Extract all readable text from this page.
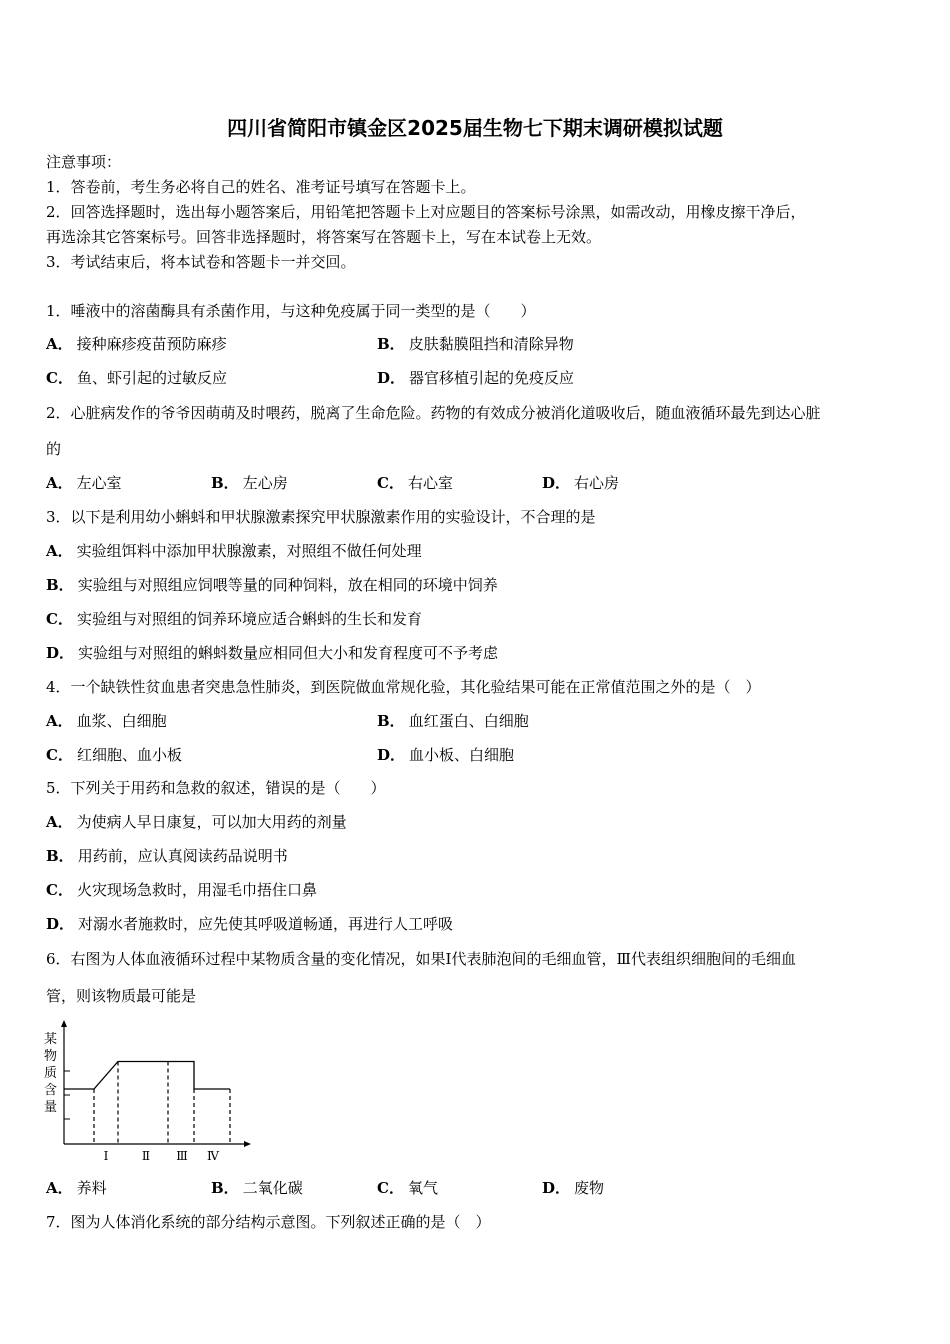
四川省简阳市镇金区2025届生物七下期末调研模拟试题
注意事项：
1．答卷前，考生务必将自己的姓名、准考证号填写在答题卡上。
2．回答选择题时，选出每小题答案后，用铅笔把答题卡上对应题目的答案标号涂黑，如需改动，用橡皮擦干净后，
再选涂其它答案标号。回答非选择题时，将答案写在答题卡上，写在本试卷上无效。
3．考试结束后，将本试卷和答题卡一并交回。
1．唾液中的溶菌酶具有杀菌作用，与这种免疫属于同一类型的是（　　）
A． 接种麻疹疫苗预防麻疹	B． 皮肤黏膜阻挡和清除异物
C． 鱼、虾引起的过敏反应	D． 器官移植引起的免疫反应
2．心脏病发作的爷爷因萌萌及时喂药，脱离了生命危险。药物的有效成分被消化道吸收后，随血液循环最先到达心脏
的
A． 左心室	B． 左心房	C． 右心室	D． 右心房
3．以下是利用幼小蝌蚪和甲状腺激素探究甲状腺激素作用的实验设计，不合理的是
A． 实验组饵料中添加甲状腺激素，对照组不做任何处理
B． 实验组与对照组应饲喂等量的同种饲料，放在相同的环境中饲养
C． 实验组与对照组的饲养环境应适合蝌蚪的生长和发育
D． 实验组与对照组的蝌蚪数量应相同但大小和发育程度可不予考虑
4．一个缺铁性贫血患者突患急性肺炎，到医院做血常规化验，其化验结果可能在正常值范围之外的是（　）
A． 血浆、白细胞	B． 血红蛋白、白细胞
C． 红细胞、血小板	D． 血小板、白细胞
5．下列关于用药和急救的叙述，错误的是（　　）
A． 为使病人早日康复，可以加大用药的剂量
B． 用药前，应认真阅读药品说明书
C． 火灾现场急救时，用湿毛巾捂住口鼻
D． 对溺水者施救时，应先使其呼吸道畅通，再进行人工呼吸
6．右图为人体血液循环过程中某物质含量的变化情况，如果Ⅰ代表肺泡间的毛细血管，Ⅲ代表组织细胞间的毛细血
管，则该物质最可能是
某 物 质 含 量
Ⅰ	Ⅱ Ⅲ Ⅳ
A． 养料	B． 二氧化碳	C． 氧气	D． 废物
7．图为人体消化系统的部分结构示意图。下列叙述正确的是（　）
